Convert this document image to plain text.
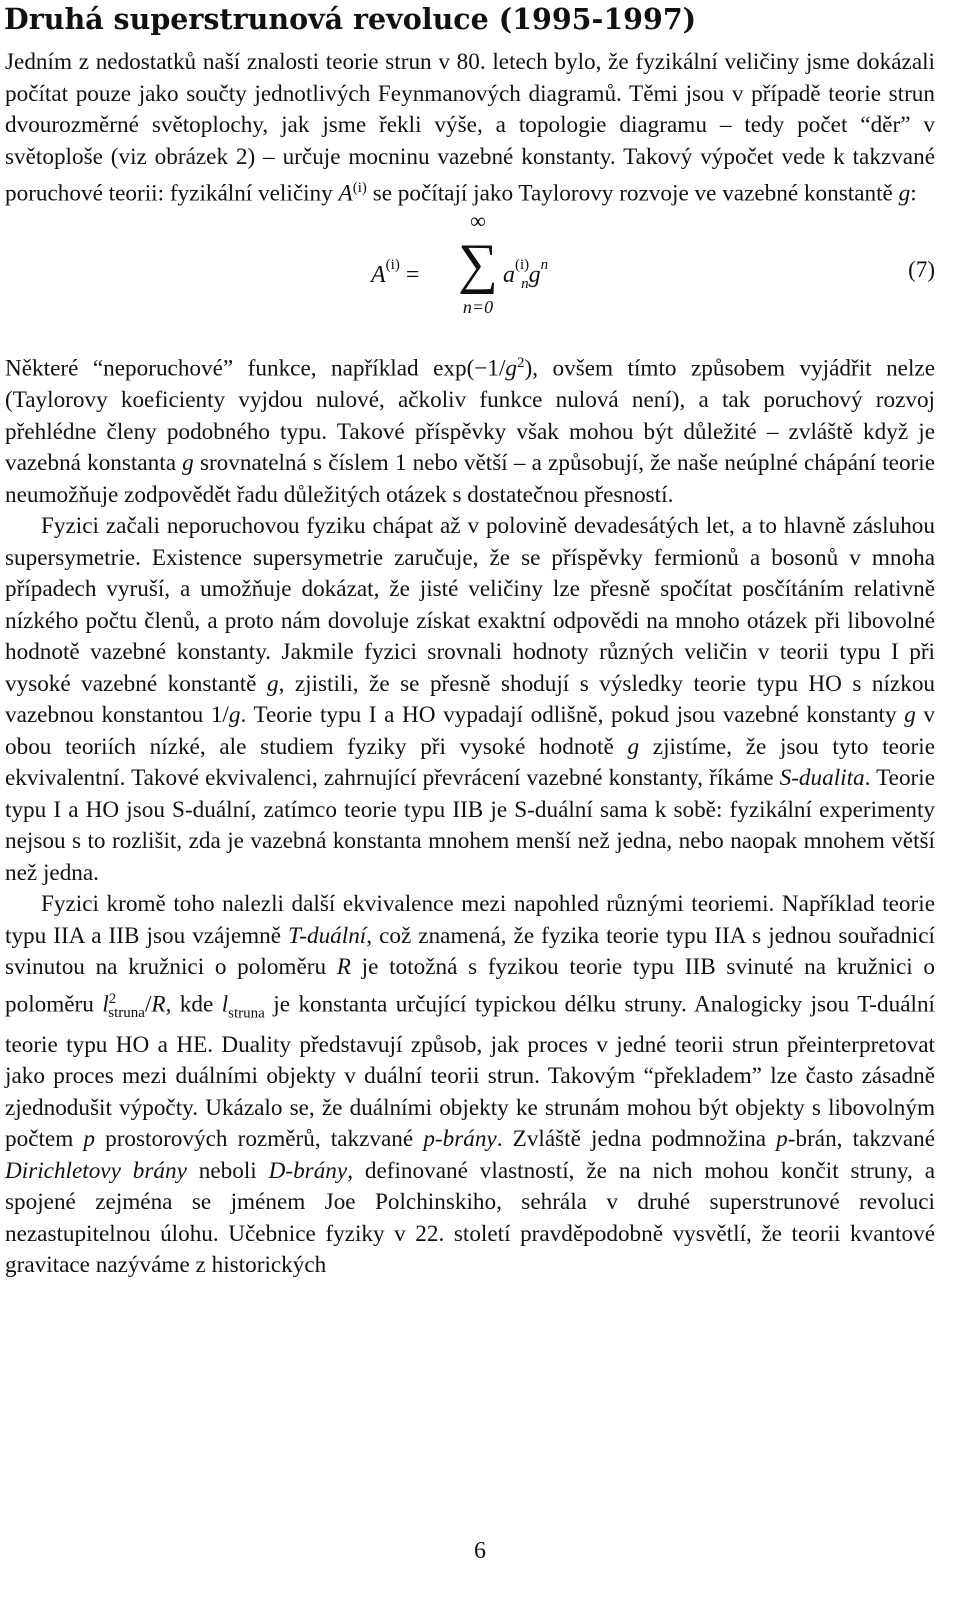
Druhá superstrunová revoluce (1995-1997)

Jedním z nedostatků naší znalosti teorie strun v 80. letech bylo, že fyzikální veličiny jsme dokázali počítat pouze jako součty jednotlivých Feynmanových diagramů. Těmi jsou v případě teorie strun dvourozměrné světoplochy, jak jsme řekli výše, a topologie diagramu – tedy počet “děr” v světoploše (viz obrázek 2) – určuje mocninu vazebné konstanty. Takový výpočet vede k takzvané poruchové teorii: fyzikální veličiny $A^{(i)}$ se počítají jako Taylorovy rozvoje ve vazebné konstantě g:

$A^{(i)}$ =
∞
∑
n=0
$a^{(i)}_ng^n$	(7)

Některé “neporuchové” funkce, například $\exp(-1/g^2)$, ovšem tímto způsobem vyjádřit nelze (Taylorovy koeficienty vyjdou nulové, ačkoliv funkce nulová není), a tak poruchový rozvoj přehlédne členy podobného typu. Takové příspěvky však mohou být důležité – zvláště když je vazebná konstanta g srovnatelná s číslem 1 nebo větší – a způsobují, že naše neúplné chápání teorie neumožňuje zodpovědět řadu důležitých otázek s dostatečnou přesností.

Fyzici začali neporuchovou fyziku chápat až v polovině devadesátých let, a to hlavně zásluhou supersymetrie. Existence supersymetrie zaručuje, že se příspěvky fermionů a bosonů v mnoha případech vyruší, a umožňuje dokázat, že jisté veličiny lze přesně spočítat posčítáním relativně nízkého počtu členů, a proto nám dovoluje získat exaktní odpovědi na mnoho otázek při libovolné hodnotě vazebné konstanty. Jakmile fyzici srovnali hodnoty různých veličin v teorii typu I při vysoké vazebné konstantě g, zjistili, že se přesně shodují s výsledky teorie typu HO s nízkou vazebnou konstantou 1/g. Teorie typu I a HO vypadají odlišně, pokud jsou vazebné konstanty g v obou teoriích nízké, ale studiem fyziky při vysoké hodnotě g zjistíme, že jsou tyto teorie ekvivalentní. Takové ekvivalenci, zahrnující převrácení vazebné konstanty, říkáme S-dualita. Teorie typu I a HO jsou S-duální, zatímco teorie typu IIB je S-duální sama k sobě: fyzikální experimenty nejsou s to rozlišit, zda je vazebná konstanta mnohem menší než jedna, nebo naopak mnohem větší než jedna.

Fyzici kromě toho nalezli další ekvivalence mezi napohled různými teoriemi. Například teorie typu IIA a IIB jsou vzájemně T-duální, což znamená, že fyzika teorie typu IIA s jednou souřadnicí svinutou na kružnici o poloměru R je totožná s fyzikou teorie typu IIB svinuté na kružnici o poloměru $l^2_{struna}/R$, kde $l_{struna}$ je konstanta určující typickou délku struny. Analogicky jsou T-duální teorie typu HO a HE. Duality představují způsob, jak proces v jedné teorii strun přeinterpretovat jako proces mezi duálními objekty v duální teorii strun. Takovým “překladem” lze často zásadně zjednodušit výpočty. Ukázalo se, že duálními objekty ke strunám mohou být objekty s libovolným počtem p prostorových rozměrů, takzvané p-brány. Zvláště jedna podmnožina p-brán, takzvané Dirichletovy brány neboli D-brány, definované vlastností, že na nich mohou končit struny, a spojené zejména se jménem Joe Polchinskiho, sehrála v druhé superstrunové revoluci nezastupitelnou úlohu. Učebnice fyziky v 22. století pravděpodobně vysvětlí, že teorii kvantové gravitace nazýváme z historických

6
